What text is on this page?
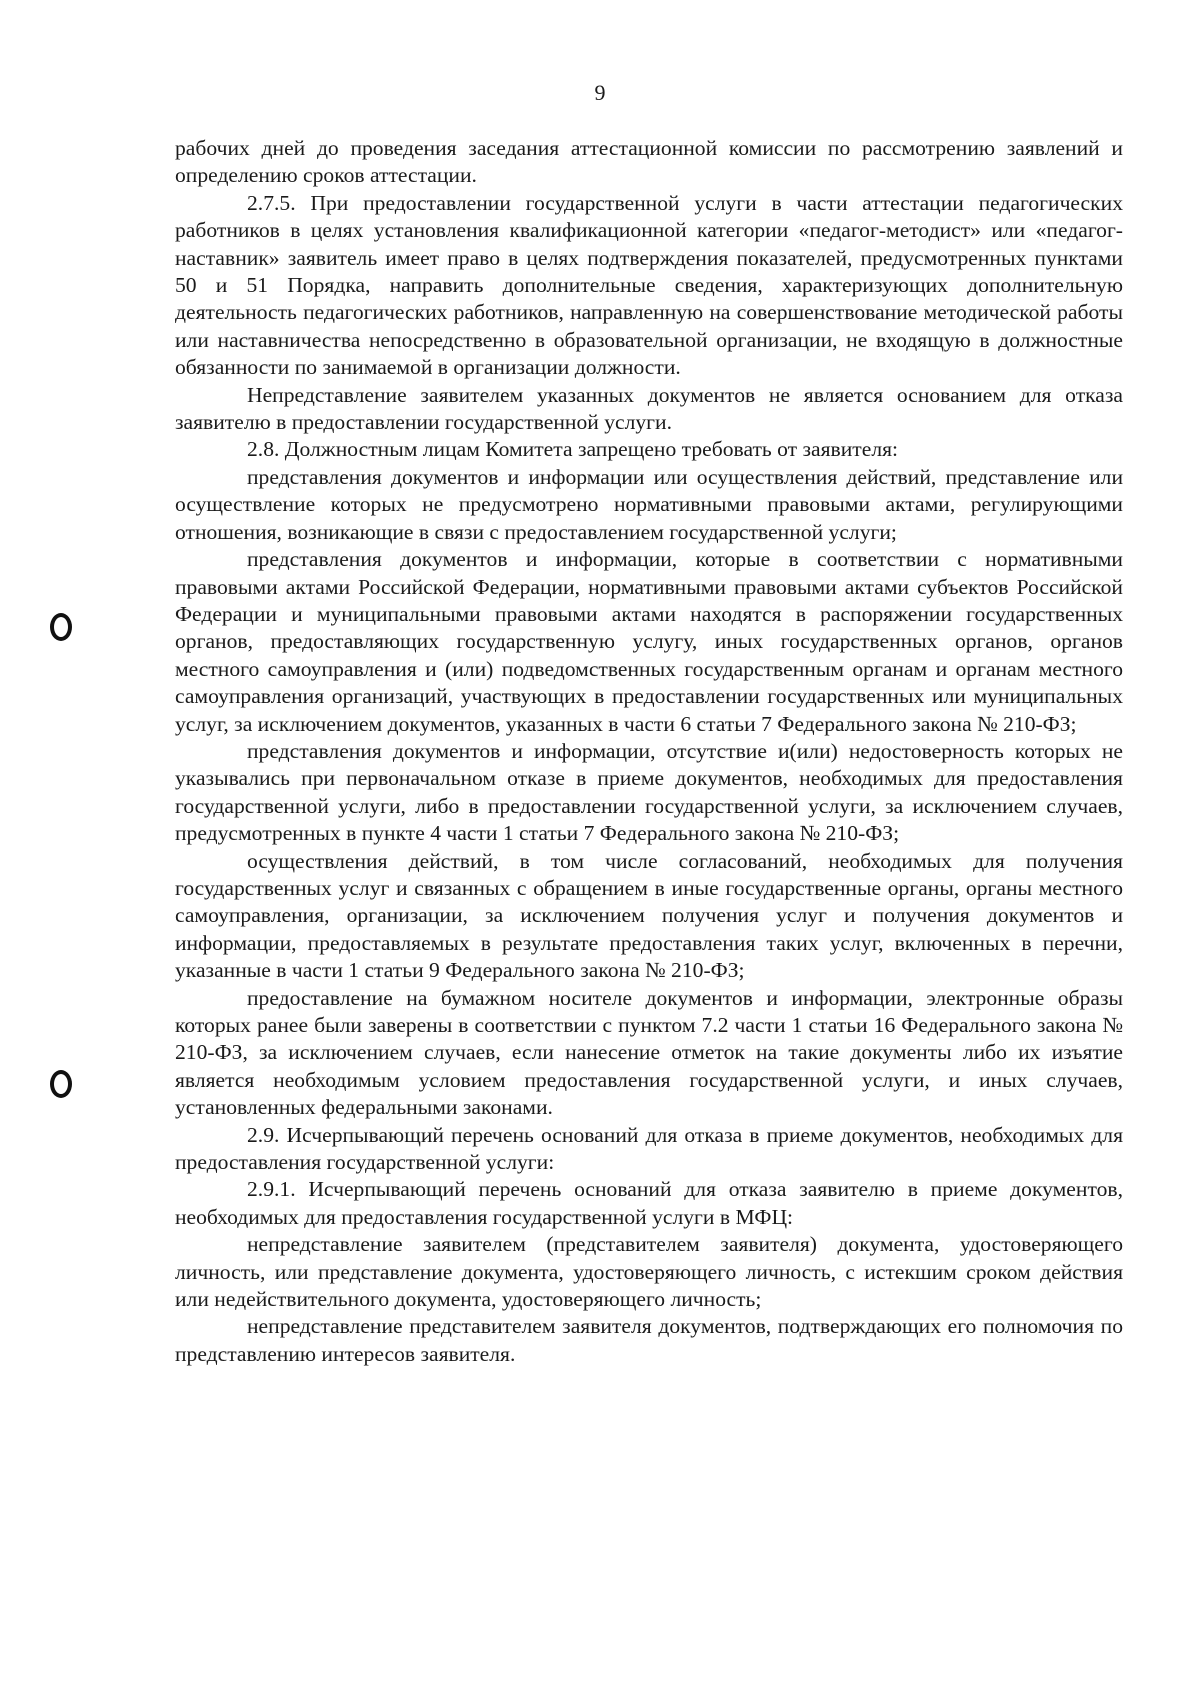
9

рабочих дней до проведения заседания аттестационной комиссии по рассмотрению заявлений и определению сроков аттестации.

2.7.5. При предоставлении государственной услуги в части аттестации педагогических работников в целях установления квалификационной категории «педагог-методист» или «педагог-наставник» заявитель имеет право в целях подтверждения показателей, предусмотренных пунктами 50 и 51 Порядка, направить дополнительные сведения, характеризующих дополнительную деятельность педагогических работников, направленную на совершенствование методической работы или наставничества непосредственно в образовательной организации, не входящую в должностные обязанности по занимаемой в организации должности.

Непредставление заявителем указанных документов не является основанием для отказа заявителю в предоставлении государственной услуги.

2.8. Должностным лицам Комитета запрещено требовать от заявителя:

представления документов и информации или осуществления действий, представление или осуществление которых не предусмотрено нормативными правовыми актами, регулирующими отношения, возникающие в связи с предоставлением государственной услуги;

представления документов и информации, которые в соответствии с нормативными правовыми актами Российской Федерации, нормативными правовыми актами субъектов Российской Федерации и муниципальными правовыми актами находятся в распоряжении государственных органов, предоставляющих государственную услугу, иных государственных органов, органов местного самоуправления и (или) подведомственных государственным органам и органам местного самоуправления организаций, участвующих в предоставлении государственных или муниципальных услуг, за исключением документов, указанных в части 6 статьи 7 Федерального закона № 210-ФЗ;

представления документов и информации, отсутствие и(или) недостоверность которых не указывались при первоначальном отказе в приеме документов, необходимых для предоставления государственной услуги, либо в предоставлении государственной услуги, за исключением случаев, предусмотренных в пункте 4 части 1 статьи 7 Федерального закона № 210-ФЗ;

осуществления действий, в том числе согласований, необходимых для получения государственных услуг и связанных с обращением в иные государственные органы, органы местного самоуправления, организации, за исключением получения услуг и получения документов и информации, предоставляемых в результате предоставления таких услуг, включенных в перечни, указанные в части 1 статьи 9 Федерального закона № 210-ФЗ;

предоставление на бумажном носителе документов и информации, электронные образы которых ранее были заверены в соответствии с пунктом 7.2 части 1 статьи 16 Федерального закона № 210-ФЗ, за исключением случаев, если нанесение отметок на такие документы либо их изъятие является необходимым условием предоставления государственной услуги, и иных случаев, установленных федеральными законами.

2.9. Исчерпывающий перечень оснований для отказа в приеме документов, необходимых для предоставления государственной услуги:

2.9.1. Исчерпывающий перечень оснований для отказа заявителю в приеме документов, необходимых для предоставления государственной услуги в МФЦ:

непредставление заявителем (представителем заявителя) документа, удостоверяющего личность, или представление документа, удостоверяющего личность, с истекшим сроком действия или недействительного документа, удостоверяющего личность;

непредставление представителем заявителя документов, подтверждающих его полномочия по представлению интересов заявителя.
